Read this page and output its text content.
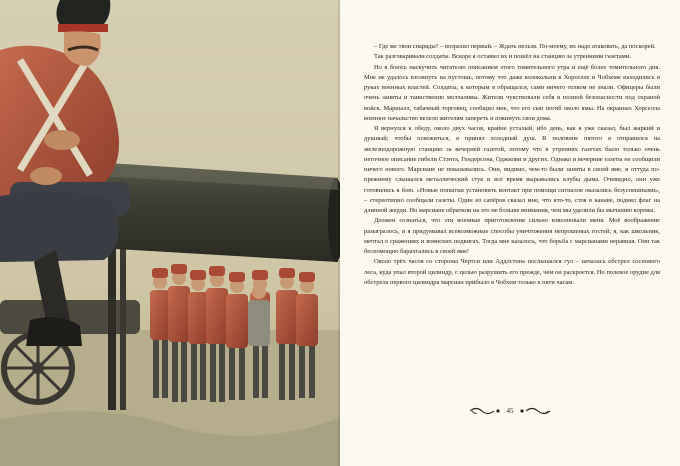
– Где же твои снаряды? – возразил первый. – Ждать нельзя. По-моему, их надо атаковать, да поскорей.

Так разговаривали солдаты. Вскоре я оставил их и пошёл на станцию за утренними газетами.

Но я боюсь наскучить читателю описанием этого томительного утра и ещё более томительного дня. Мне не удалось взглянуть на пустошь, потому что даже колокольни в Хорселле и Чобхеме находились в руках военных властей. Солдаты, к которым я обращался, сами ничего толком не знали. Офицеры были очень заняты и таинственно молчаливы. Жители чувствовали себя в полной безопасности под охраной войск. Маршалл, табачный торговец, сообщил мне, что его сын погиб около ямы. На окраинах Хорселла военное начальство велело жителям запереть и покинуть свои дома.

Я вернулся к обеду, около двух часов, крайне усталый, ибо день, как я уже сказал, был жаркий и душный; чтобы освежиться, я принял холодный душ. В половине пятого я отправился на железнодорожную станцию за вечерней газетой, потому что в утренних газетах было только очень неточное описание гибели Стэнта, Гендерсона, Оджилви и других. Однако и вечерние газеты не сообщили ничего нового. Марсиане не показывались. Они, видимо, чем-то были заняты в своей яме, и оттуда по-прежнему слышался металлический стук и всё время вырывались клубы дыма. Очевидно, они уже готовились к бою. «Новые попытки установить контакт при помощи сигналов оказались безуспешными», – стереотипно сообщали газеты. Один из сапёров сказал мне, что кто-то, стоя в канаве, поднял флаг на длинной жерди. Но марсиане обратили на это не больше внимания, чем мы уделили бы мычанию коровы.

Должен сознаться, что эти военные приготовления сильно взволновали меня. Моё воображение разыгралось, и я придумывал всевозможные способы уничтожения непрошеных гостей; я, как школьник, мечтал о сражениях и воинских подвигах. Тогда мне казалось, что борьба с марсианами неравная. Они так беспомощно барахтались в своей яме!

Около трёх часов со стороны Чертси или Аддлстона послышался гул – началась обстрел соснового леса, куда упал второй цилиндр, с целью разрушить его прежде, чем он раскроется. Но полевое орудие для обстрела первого цилиндра марсиан прибыло в Чобхем только к пяти часам.

45
